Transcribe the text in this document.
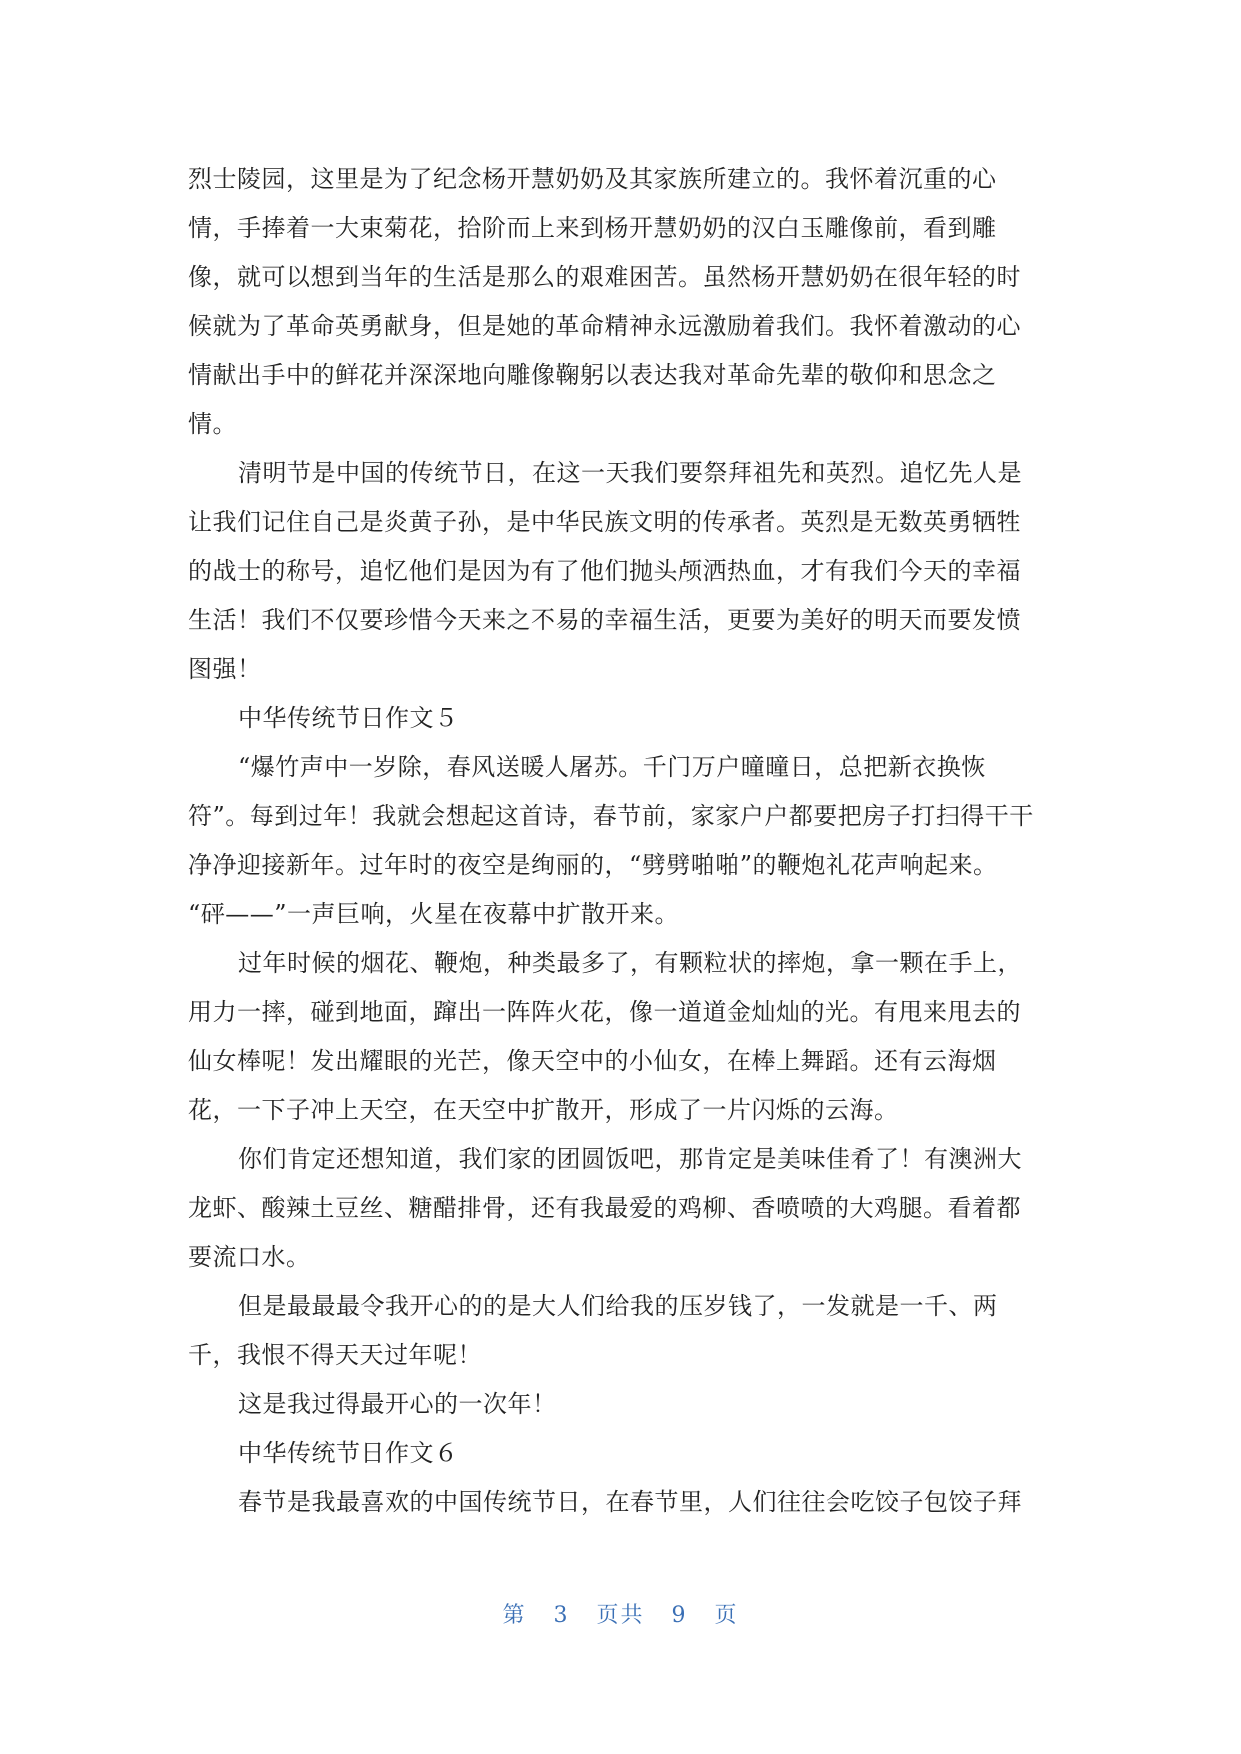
烈士陵园，这里是为了纪念杨开慧奶奶及其家族所建立的。我怀着沉重的心
情，手捧着一大束菊花，拾阶而上来到杨开慧奶奶的汉白玉雕像前，看到雕
像，就可以想到当年的生活是那么的艰难困苦。虽然杨开慧奶奶在很年轻的时
候就为了革命英勇献身，但是她的革命精神永远激励着我们。我怀着激动的心
情献出手中的鲜花并深深地向雕像鞠躬以表达我对革命先辈的敬仰和思念之
情。
清明节是中国的传统节日，在这一天我们要祭拜祖先和英烈。追忆先人是
让我们记住自己是炎黄子孙，是中华民族文明的传承者。英烈是无数英勇牺牲
的战士的称号，追忆他们是因为有了他们抛头颅洒热血，才有我们今天的幸福
生活！我们不仅要珍惜今天来之不易的幸福生活，更要为美好的明天而要发愤
图强！
中华传统节日作文５
“爆竹声中一岁除，春风送暖人屠苏。千门万户曈曈日，总把新衣换恢
符”。每到过年！我就会想起这首诗，春节前，家家户户都要把房子打扫得干干
净净迎接新年。过年时的夜空是绚丽的，“劈劈啪啪”的鞭炮礼花声响起来。
“砰——”一声巨响，火星在夜幕中扩散开来。
过年时候的烟花、鞭炮，种类最多了，有颗粒状的摔炮，拿一颗在手上，
用力一摔，碰到地面，蹿出一阵阵火花，像一道道金灿灿的光。有甩来甩去的
仙女棒呢！发出耀眼的光芒，像天空中的小仙女，在棒上舞蹈。还有云海烟
花，一下子冲上天空，在天空中扩散开，形成了一片闪烁的云海。
你们肯定还想知道，我们家的团圆饭吧，那肯定是美味佳肴了！有澳洲大
龙虾、酸辣土豆丝、糖醋排骨，还有我最爱的鸡柳、香喷喷的大鸡腿。看着都
要流口水。
但是最最最令我开心的的是大人们给我的压岁钱了，一发就是一千、两
千，我恨不得天天过年呢！
这是我过得最开心的一次年！
中华传统节日作文６
春节是我最喜欢的中国传统节日，在春节里，人们往往会吃饺子包饺子拜
第 3 页共 9 页
